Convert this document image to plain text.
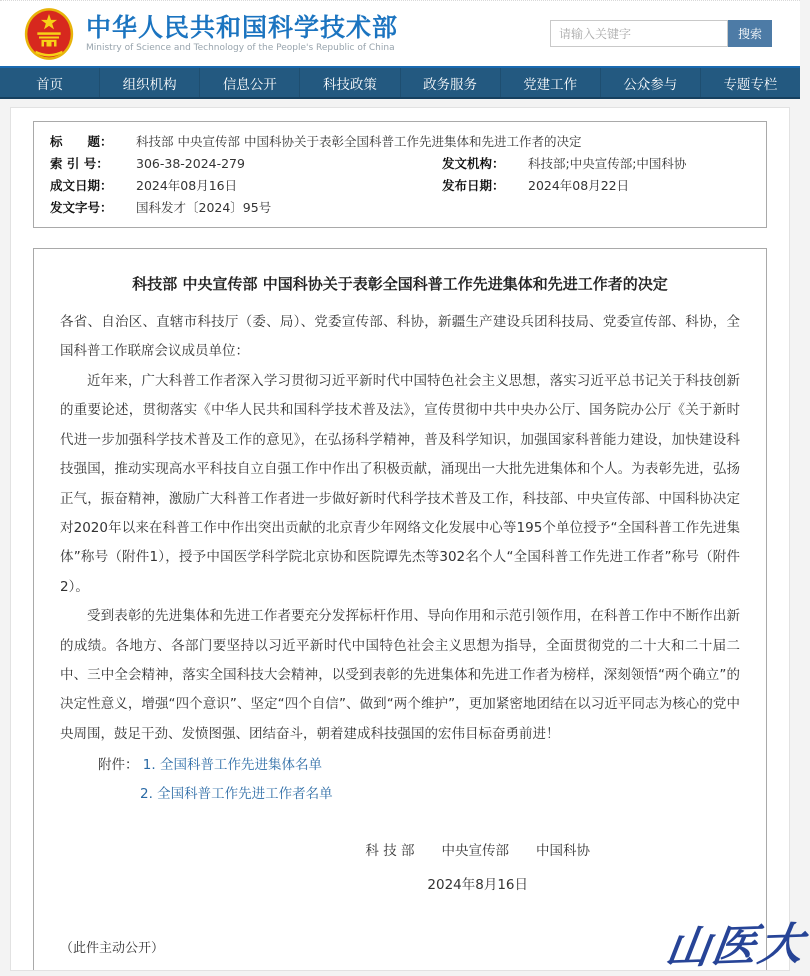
中华人民共和国科学技术部
Ministry of Science and Technology of the People's Republic of China
请输入关键字
搜索
首页	组织机构	信息公开	科技政策	政务服务	党建工作	公众参与	专题专栏
标　　题：	科技部 中央宣传部 中国科协关于表彰全国科普工作先进集体和先进工作者的决定
索 引 号：	306-38-2024-279	发文机构：	科技部;中央宣传部;中国科协
成文日期：	2024年08月16日	发布日期：	2024年08月22日
发文字号：	国科发才〔2024〕95号
科技部 中央宣传部 中国科协关于表彰全国科普工作先进集体和先进工作者的决定

各省、自治区、直辖市科技厅（委、局）、党委宣传部、科协，新疆生产建设兵团科技局、党委宣传部、科协，全国科普工作联席会议成员单位：

近年来，广大科普工作者深入学习贯彻习近平新时代中国特色社会主义思想，落实习近平总书记关于科技创新的重要论述，贯彻落实《中华人民共和国科学技术普及法》，宣传贯彻中共中央办公厅、国务院办公厅《关于新时代进一步加强科学技术普及工作的意见》，在弘扬科学精神，普及科学知识，加强国家科普能力建设，加快建设科技强国，推动实现高水平科技自立自强工作中作出了积极贡献，涌现出一大批先进集体和个人。为表彰先进，弘扬正气，振奋精神，激励广大科普工作者进一步做好新时代科学技术普及工作，科技部、中央宣传部、中国科协决定对2020年以来在科普工作中作出突出贡献的北京青少年网络文化发展中心等195个单位授予“全国科普工作先进集体”称号（附件1），授予中国医学科学院北京协和医院谭先杰等302名个人“全国科普工作先进工作者”称号（附件2）。

受到表彰的先进集体和先进工作者要充分发挥标杆作用、导向作用和示范引领作用，在科普工作中不断作出新的成绩。各地方、各部门要坚持以习近平新时代中国特色社会主义思想为指导，全面贯彻党的二十大和二十届二中、三中全会精神，落实全国科技大会精神，以受到表彰的先进集体和先进工作者为榜样，深刻领悟“两个确立”的决定性意义，增强“四个意识”、坚定“四个自信”、做到“两个维护”，更加紧密地团结在以习近平同志为核心的党中央周围，鼓足干劲、发愤图强、团结奋斗，朝着建成科技强国的宏伟目标奋勇前进！

附件： 1. 全国科普工作先进集体名单
2. 全国科普工作先进工作者名单
科 技 部　　中央宣传部　　中国科协
2024年8月16日
（此件主动公开）	山医大
